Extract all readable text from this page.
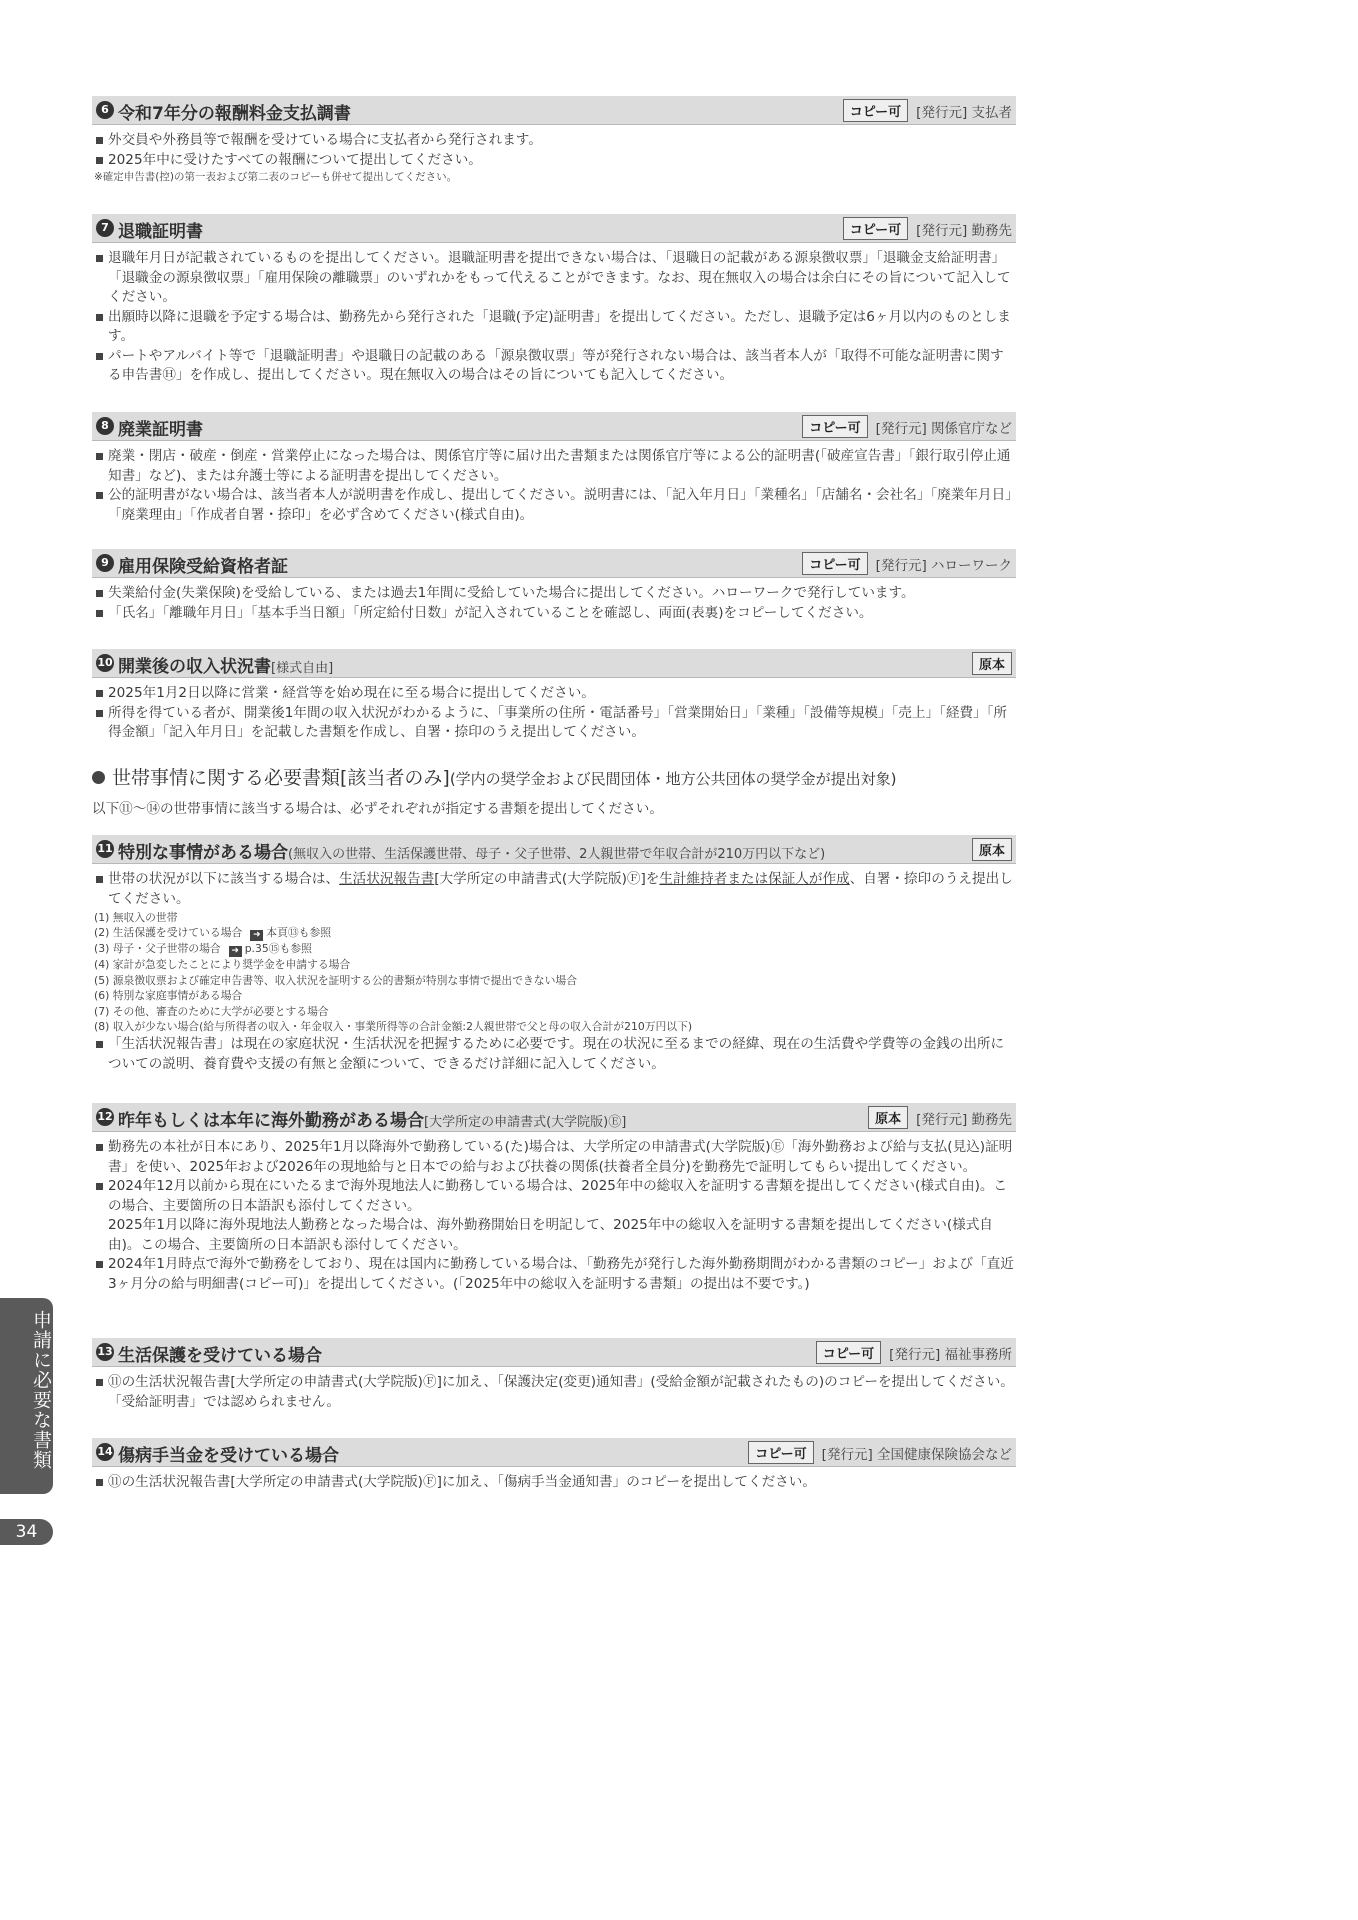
6 令和7年分の報酬料金支払調書	コピー可	[発行元] 支払者
外交員や外務員等で報酬を受けている場合に支払者から発行されます。
2025年中に受けたすべての報酬について提出してください。
※確定申告書(控)の第一表および第二表のコピーも併せて提出してください。
7 退職証明書	コピー可	[発行元] 勤務先
退職年月日が記載されているものを提出してください。退職証明書を提出できない場合は、「退職日の記載がある源泉徴収票」「退職金支給証明書」「退職金の源泉徴収票」「雇用保険の離職票」のいずれかをもって代えることができます。なお、現在無収入の場合は余白にその旨について記入してください。
出願時以降に退職を予定する場合は、勤務先から発行された「退職(予定)証明書」を提出してください。ただし、退職予定は6ヶ月以内のものとします。
パートやアルバイト等で「退職証明書」や退職日の記載のある「源泉徴収票」等が発行されない場合は、該当者本人が「取得不可能な証明書に関する申告書Ⓗ」を作成し、提出してください。現在無収入の場合はその旨についても記入してください。
8 廃業証明書	コピー可	[発行元] 関係官庁など
廃業・閉店・破産・倒産・営業停止になった場合は、関係官庁等に届け出た書類または関係官庁等による公的証明書(「破産宣告書」「銀行取引停止通知書」など)、または弁護士等による証明書を提出してください。
公的証明書がない場合は、該当者本人が説明書を作成し、提出してください。説明書には、「記入年月日」「業種名」「店舗名・会社名」「廃業年月日」「廃業理由」「作成者自署・捺印」を必ず含めてください(様式自由)。
9 雇用保険受給資格者証	コピー可	[発行元] ハローワーク
失業給付金(失業保険)を受給している、または過去1年間に受給していた場合に提出してください。ハローワークで発行しています。
「氏名」「離職年月日」「基本手当日額」「所定給付日数」が記入されていることを確認し、両面(表裏)をコピーしてください。
10 開業後の収入状況書[様式自由]	原本
2025年1月2日以降に営業・経営等を始め現在に至る場合に提出してください。
所得を得ている者が、開業後1年間の収入状況がわかるように、「事業所の住所・電話番号」「営業開始日」「業種」「設備等規模」「売上」「経費」「所得金額」「記入年月日」を記載した書類を作成し、自署・捺印のうえ提出してください。
世帯事情に関する必要書類[該当者のみ](学内の奨学金および民間団体・地方公共団体の奨学金が提出対象)
以下⑪〜⑭の世帯事情に該当する場合は、必ずそれぞれが指定する書類を提出してください。
11 特別な事情がある場合(無収入の世帯、生活保護世帯、母子・父子世帯、2人親世帯で年収合計が210万円以下など)	原本
世帯の状況が以下に該当する場合は、生活状況報告書[大学所定の申請書式(大学院版)Ⓕ]を生計維持者または保証人が作成、自署・捺印のうえ提出してください。
(1) 無収入の世帯
(2) 生活保護を受けている場合 ➜ 本頁⑬も参照
(3) 母子・父子世帯の場合 ➜ p.35⑮も参照
(4) 家計が急変したことにより奨学金を申請する場合
(5) 源泉徴収票および確定申告書等、収入状況を証明する公的書類が特別な事情で提出できない場合
(6) 特別な家庭事情がある場合
(7) その他、審査のために大学が必要とする場合
(8) 収入が少ない場合(給与所得者の収入・年金収入・事業所得等の合計金額:2人親世帯で父と母の収入合計が210万円以下)
「生活状況報告書」は現在の家庭状況・生活状況を把握するために必要です。現在の状況に至るまでの経緯、現在の生活費や学費等の金銭の出所についての説明、養育費や支援の有無と金額について、できるだけ詳細に記入してください。
12 昨年もしくは本年に海外勤務がある場合[大学所定の申請書式(大学院版)Ⓔ]	原本	[発行元] 勤務先
勤務先の本社が日本にあり、2025年1月以降海外で勤務している(た)場合は、大学所定の申請書式(大学院版)Ⓔ「海外勤務および給与支払(見込)証明書」を使い、2025年および2026年の現地給与と日本での給与および扶養の関係(扶養者全員分)を勤務先で証明してもらい提出してください。
2024年12月以前から現在にいたるまで海外現地法人に勤務している場合は、2025年中の総収入を証明する書類を提出してください(様式自由)。この場合、主要箇所の日本語訳も添付してください。
2025年1月以降に海外現地法人勤務となった場合は、海外勤務開始日を明記して、2025年中の総収入を証明する書類を提出してください(様式自由)。この場合、主要箇所の日本語訳も添付してください。
2024年1月時点で海外で勤務をしており、現在は国内に勤務している場合は、「勤務先が発行した海外勤務期間がわかる書類のコピー」および「直近3ヶ月分の給与明細書(コピー可)」を提出してください。(「2025年中の総収入を証明する書類」の提出は不要です。)
13 生活保護を受けている場合	コピー可	[発行元] 福祉事務所
⑪の生活状況報告書[大学所定の申請書式(大学院版)Ⓕ]に加え、「保護決定(変更)通知書」(受給金額が記載されたもの)のコピーを提出してください。「受給証明書」では認められません。
14 傷病手当金を受けている場合	コピー可	[発行元] 全国健康保険協会など
⑪の生活状況報告書[大学所定の申請書式(大学院版)Ⓕ]に加え、「傷病手当金通知書」のコピーを提出してください。
申請に必要な書類
34
